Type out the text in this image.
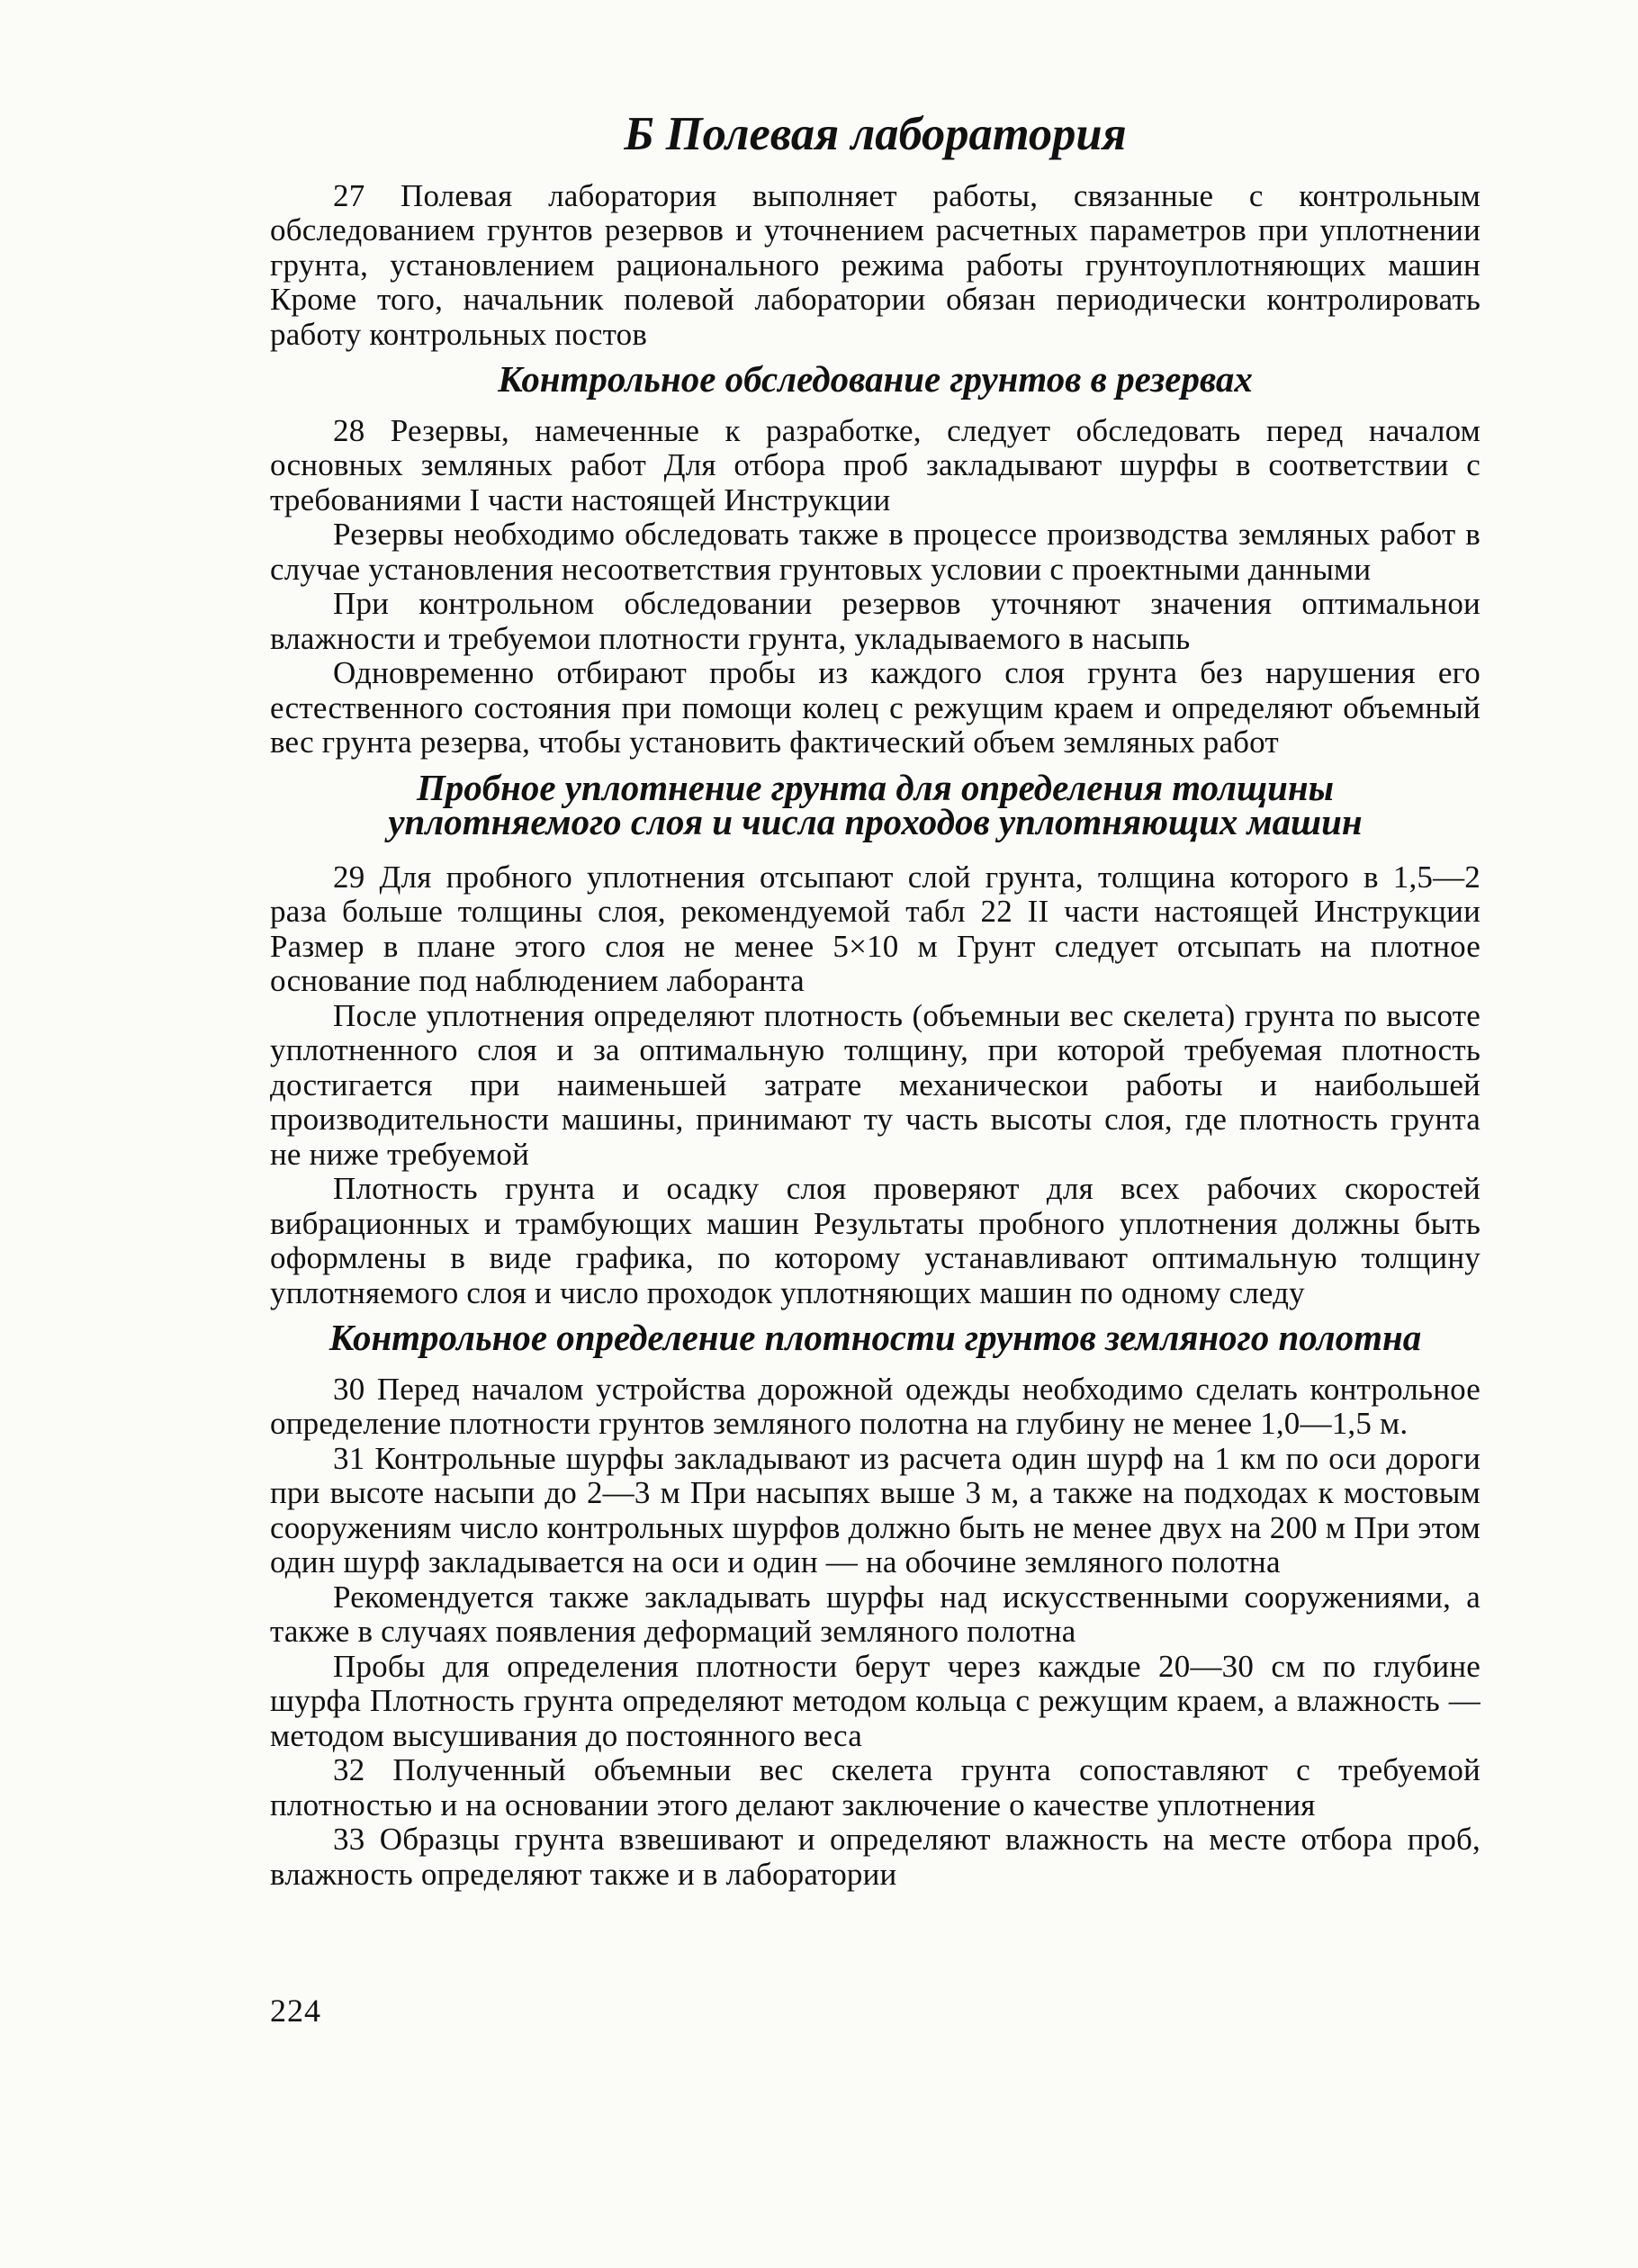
Б Полевая лаборатория

27 Полевая лаборатория выполняет работы, связанные с контрольным обследованием грунтов резервов и уточнением расчетных параметров при уплотнении грунта, установлением рационального режима работы грунтоуплотняющих машин Кроме того, начальник полевой лаборатории обязан периодически контролировать работу контрольных постов

Контрольное обследование грунтов в резервах

28 Резервы, намеченные к разработке, следует обследовать перед началом основных земляных работ Для отбора проб закладывают шурфы в соответствии с требованиями I части настоящей Инструкции

Резервы необходимо обследовать также в процессе производства земляных работ в случае установления несоответствия грунтовых условии с проектными данными

При контрольном обследовании резервов уточняют значения оптимальнои влажности и требуемои плотности грунта, укладываемого в насыпь

Одновременно отбирают пробы из каждого слоя грунта без нарушения его естественного состояния при помощи колец с режущим краем и определяют объемный вес грунта резерва, чтобы установить фактический объем земляных работ

Пробное уплотнение грунта для определения толщины уплотняемого слоя и числа проходов уплотняющих машин

29 Для пробного уплотнения отсыпают слой грунта, толщина которого в 1,5—2 раза больше толщины слоя, рекомендуемой табл 22 II части настоящей Инструкции Размер в плане этого слоя не менее 5×10 м Грунт следует отсыпать на плотное основание под наблюдением лаборанта

После уплотнения определяют плотность (объемныи вес скелета) грунта по высоте уплотненного слоя и за оптимальную толщину, при которой требуемая плотность достигается при наименьшей затрате механическои работы и наибольшей производительности машины, принимают ту часть высоты слоя, где плотность грунта не ниже требуемой

Плотность грунта и осадку слоя проверяют для всех рабочих скоростей вибрационных и трамбующих машин Результаты пробного уплотнения должны быть оформлены в виде графика, по которому устанавливают оптимальную толщину уплотняемого слоя и число проходок уплотняющих машин по одному следу

Контрольное определение плотности грунтов земляного полотна

30 Перед началом устройства дорожной одежды необходимо сделать контрольное определение плотности грунтов земляного полотна на глубину не менее 1,0—1,5 м.

31 Контрольные шурфы закладывают из расчета один шурф на 1 км по оси дороги при высоте насыпи до 2—3 м При насыпях выше 3 м, а также на подходах к мостовым сооружениям число контрольных шурфов должно быть не менее двух на 200 м При этом один шурф закладывается на оси и один — на обочине земляного полотна

Рекомендуется также закладывать шурфы над искусственными сооружениями, а также в случаях появления деформаций земляного полотна

Пробы для определения плотности берут через каждые 20—30 см по глубине шурфа Плотность грунта определяют методом кольца с режущим краем, а влажность — методом высушивания до постоянного веса

32 Полученный объемныи вес скелета грунта сопоставляют с требуемой плотностью и на основании этого делают заключение о качестве уплотнения

33 Образцы грунта взвешивают и определяют влажность на месте отбора проб, влажность определяют также и в лаборатории

224
